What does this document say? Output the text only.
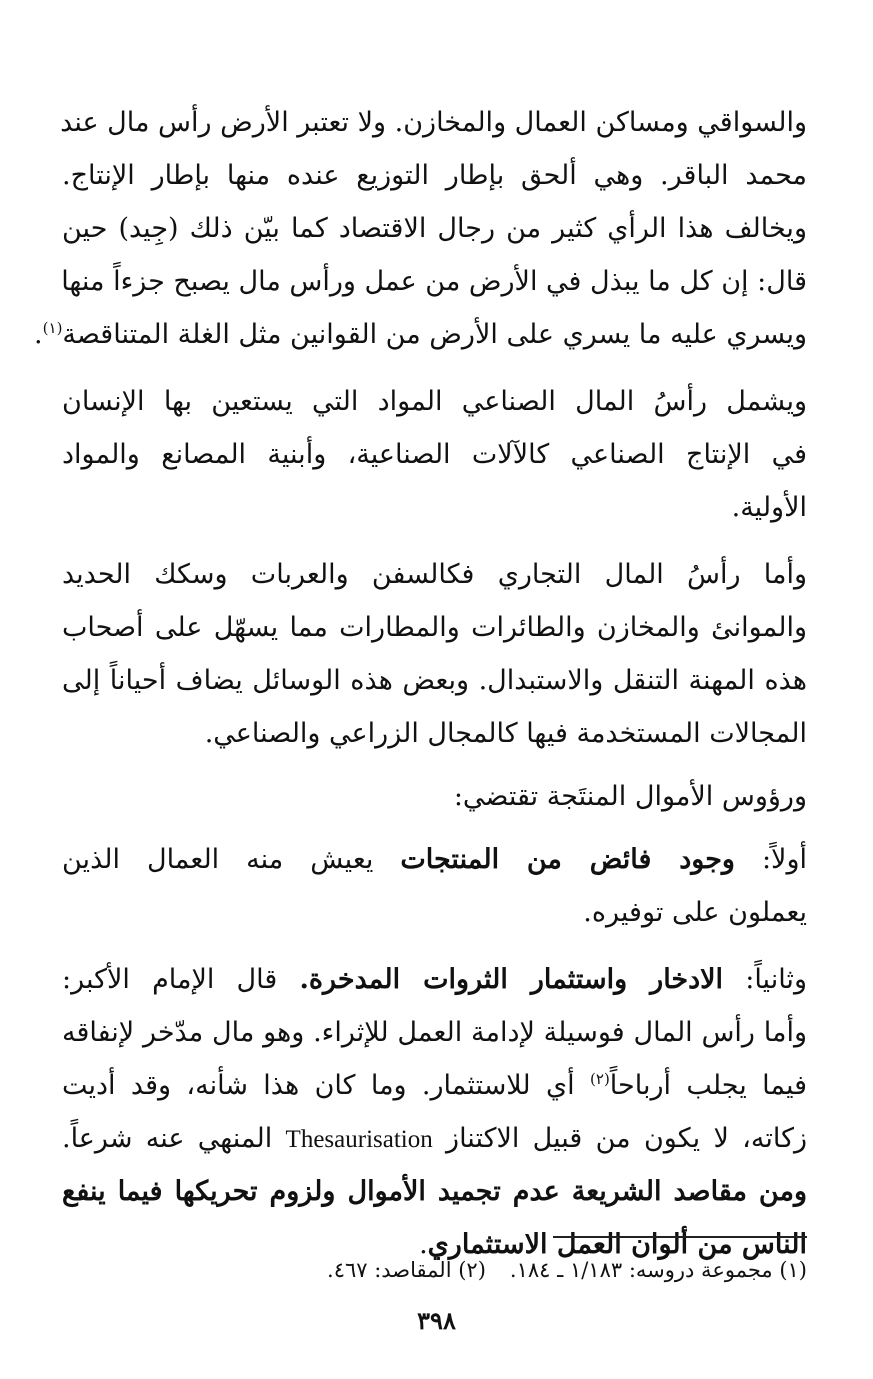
والسواقي ومساكن العمال والمخازن. ولا تعتبر الأرض رأس مال عند
محمد الباقر. وهي ألحق بإطار التوزيع عنده منها بإطار الإنتاج.
ويخالف هذا الرأي كثير من رجال الاقتصاد كما بيّن ذلك (جِيد) حين
قال: إن كل ما يبذل في الأرض من عمل ورأس مال يصبح جزءاً منها
ويسري عليه ما يسري على الأرض من القوانين مثل الغلة المتناقصة$^{(١)}$.
ويشمل رأسُ المال الصناعي المواد التي يستعين بها الإنسان
في الإنتاج الصناعي كالآلات الصناعية، وأبنية المصانع والمواد
الأولية.
وأما رأسُ المال التجاري فكالسفن والعربات وسكك الحديد
والموانئ والمخازن والطائرات والمطارات مما يسهّل على أصحاب
هذه المهنة التنقل والاستبدال. وبعض هذه الوسائل يضاف أحياناً إلى
المجالات المستخدمة فيها كالمجال الزراعي والصناعي.
ورؤوس الأموال المنتَجة تقتضي:
أولاً: وجود فائض من المنتجات يعيش منه العمال الذين
يعملون على توفيره.
وثانياً: الادخار واستثمار الثروات المدخرة. قال الإمام الأكبر:
وأما رأس المال فوسيلة لإدامة العمل للإثراء. وهو مال مدّخر لإنفاقه
فيما يجلب أرباحاً$^{(٢)}$ أي للاستثمار. وما كان هذا شأنه، وقد أديت
زكاته، لا يكون من قبيل الاكتناز Thesaurisation المنهي عنه شرعاً.
ومن مقاصد الشريعة عدم تجميد الأموال ولزوم تحريكها فيما ينفع
الناس من ألوان العمل الاستثماري.
(١) مجموعة دروسه: ١/١٨٣ ـ ١٨٤.(٢) المقاصد: ٤٦٧.
٣٩٨
